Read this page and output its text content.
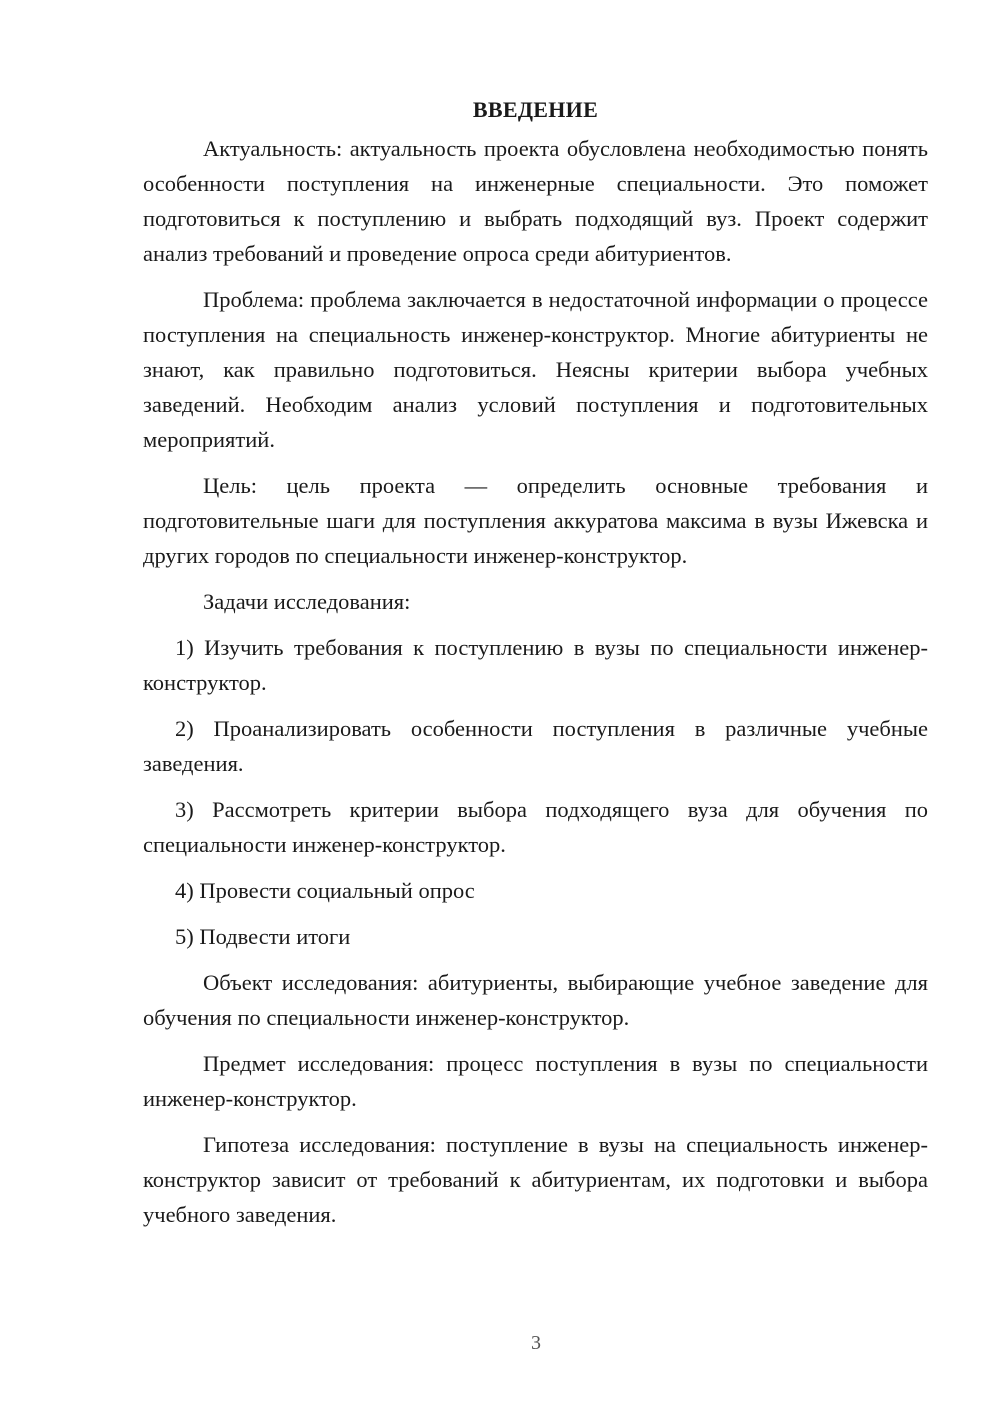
ВВЕДЕНИЕ

Актуальность: актуальность проекта обусловлена необходимостью понять особенности поступления на инженерные специальности. Это поможет подготовиться к поступлению и выбрать подходящий вуз. Проект содержит анализ требований и проведение опроса среди абитуриентов.

Проблема: проблема заключается в недостаточной информации о процессе поступления на специальность инженер-конструктор. Многие абитуриенты не знают, как правильно подготовиться. Неясны критерии выбора учебных заведений. Необходим анализ условий поступления и подготовительных мероприятий.

Цель: цель проекта — определить основные требования и подготовительные шаги для поступления аккуратова максима в вузы Ижевска и других городов по специальности инженер-конструктор.

Задачи исследования:

1) Изучить требования к поступлению в вузы по специальности инженер-конструктор.

2) Проанализировать особенности поступления в различные учебные заведения.

3) Рассмотреть критерии выбора подходящего вуза для обучения по специальности инженер-конструктор.

4) Провести социальный опрос

5) Подвести итоги

Объект исследования: абитуриенты, выбирающие учебное заведение для обучения по специальности инженер-конструктор.

Предмет исследования: процесс поступления в вузы по специальности инженер-конструктор.

Гипотеза исследования: поступление в вузы на специальность инженер-конструктор зависит от требований к абитуриентам, их подготовки и выбора учебного заведения.

3
